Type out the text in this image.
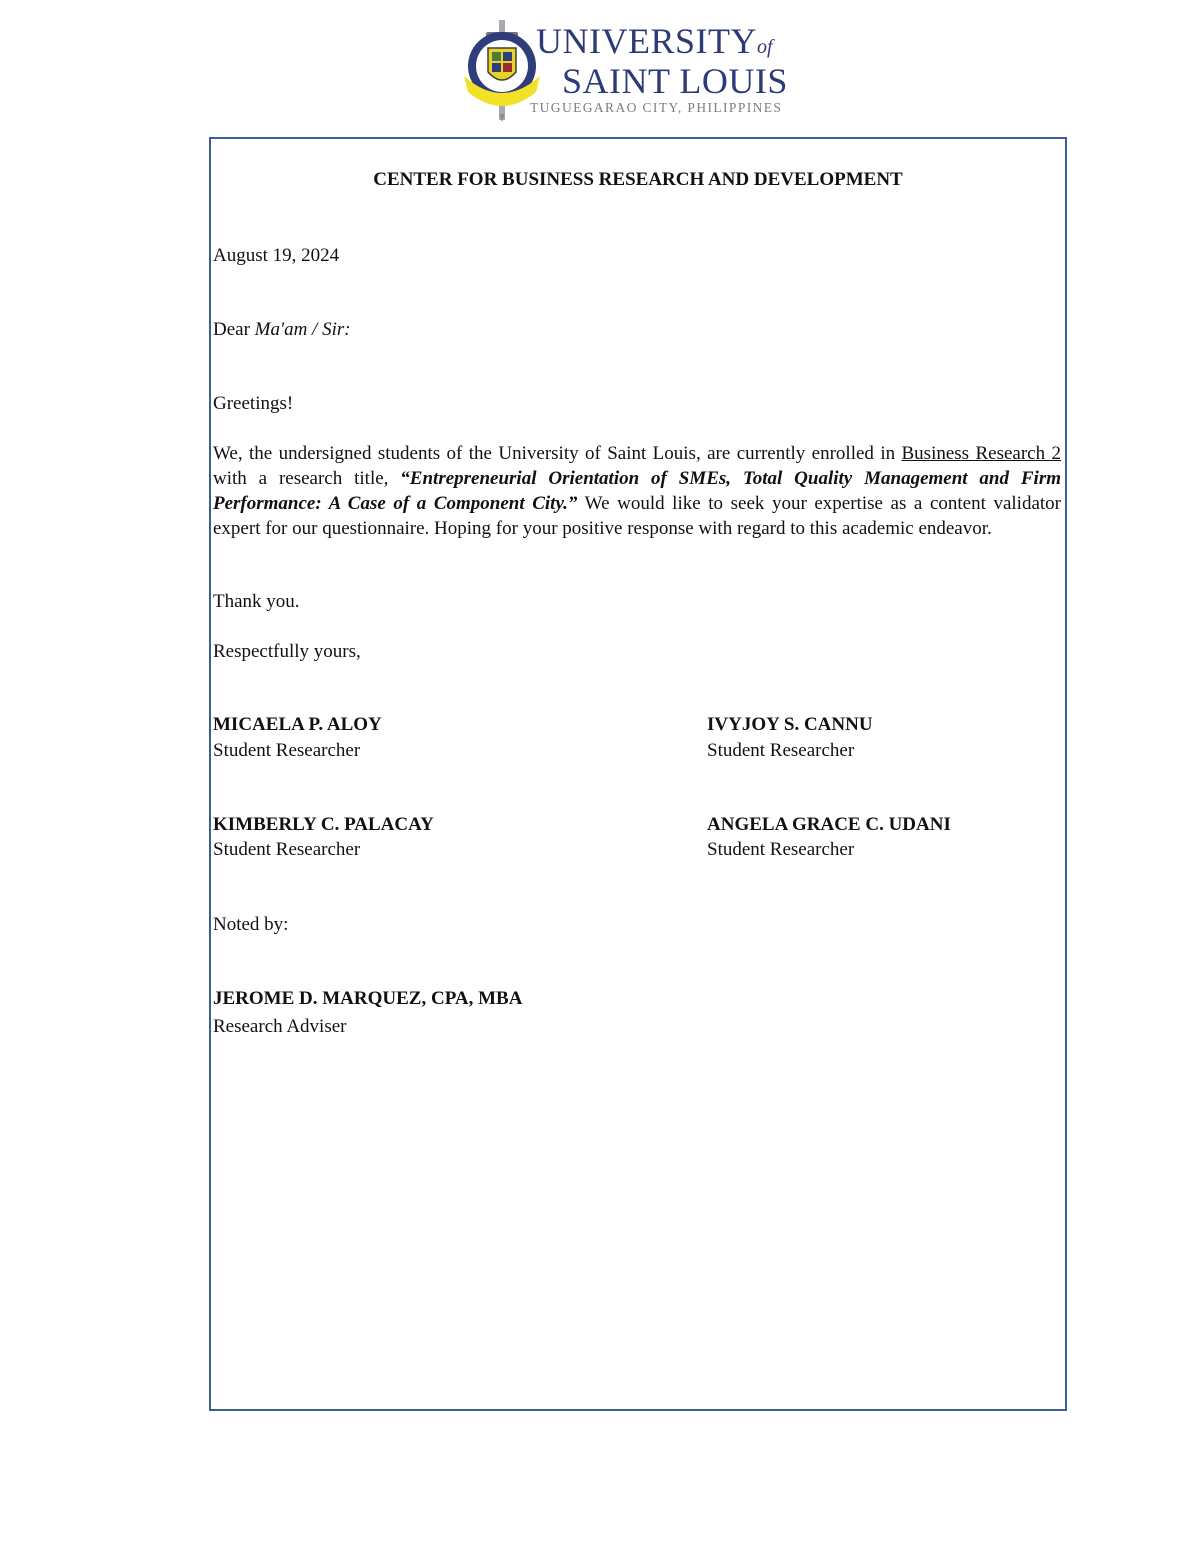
UNIVERSITYof
SAINT LOUIS
TUGUEGARAO CITY, PHILIPPINES
CENTER FOR BUSINESS RESEARCH AND DEVELOPMENT
August 19, 2024
Dear Ma'am / Sir:
Greetings!
We, the undersigned students of the University of Saint Louis, are currently enrolled in Business Research 2 with a research title, “Entrepreneurial Orientation of SMEs, Total Quality Management and Firm Performance: A Case of a Component City.” We would like to seek your expertise as a content validator expert for our questionnaire. Hoping for your positive response with regard to this academic endeavor.
Thank you.
Respectfully yours,
MICAELA P. ALOY
Student Researcher
IVYJOY S. CANNU
Student Researcher
KIMBERLY C. PALACAY
Student Researcher
ANGELA GRACE C. UDANI
Student Researcher
Noted by:
JEROME D. MARQUEZ, CPA, MBA
Research Adviser
